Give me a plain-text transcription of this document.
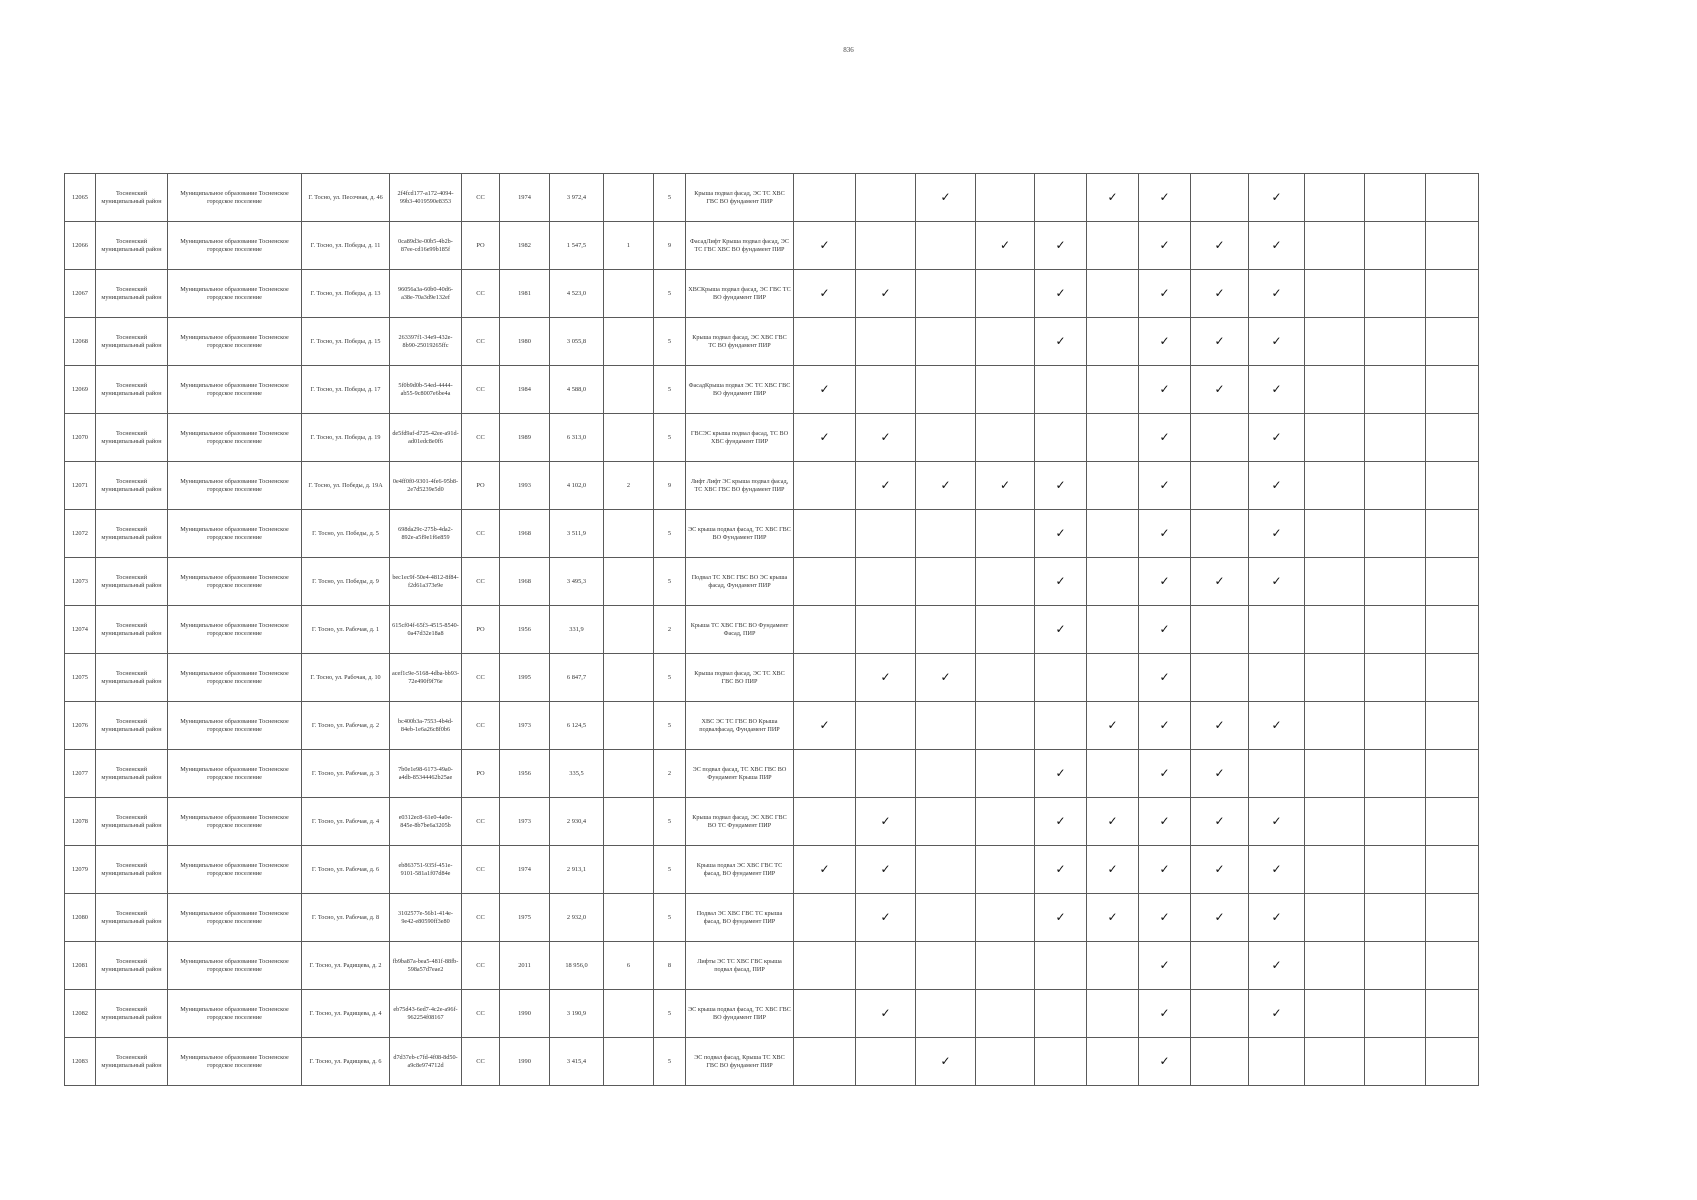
836
12065	Тосненский муниципальный район	Муниципальное образование Тосненское городское поселение	Г. Тосно, ул. Песочная, д. 46	2f4fcd177-a172-4094-99b3-4019590e8353	СС	1974	3 972,4		5	Крыша подвал фасад, ЭС ТС ХВС ГВС ВО фундамент ПИР			✓			✓	✓		✓			
12066	Тосненский муниципальный район	Муниципальное образование Тосненское городское поселение	Г. Тосно, ул. Победы, д. 11	0ca89d3e-00b5-4b2b-87ee-cd16e99b185f	РО	1982	1 547,5	1	9	ФасадЛифт Крыша подвал фасад, ЭС ТС ГВС ХВС ВО фундамент ПИР	✓			✓	✓		✓	✓	✓			
12067	Тосненский муниципальный район	Муниципальное образование Тосненское городское поселение	Г. Тосно, ул. Победы, д. 13	96056a3a-60b0-40d6-a38e-70a3d9e132ef	СС	1981	4 523,0		5	ХВСКрыша подвал фасад, ЭС ГВС ТС ВО фундамент ПИР	✓	✓			✓		✓	✓	✓			
12068	Тосненский муниципальный район	Муниципальное образование Тосненское городское поселение	Г. Тосно, ул. Победы, д. 15	263397f1-34e9-432e-8b90-25019265ffc	СС	1980	3 055,8		5	Крыша подвал фасад, ЭС ХВС ГВС ТС ВО фундамент ПИР					✓		✓	✓	✓			
12069	Тосненский муниципальный район	Муниципальное образование Тосненское городское поселение	Г. Тосно, ул. Победы, д. 17	5f0b9d0b-54ed-4444-ab55-9c8007e6be4a	СС	1984	4 588,0		5	ФасадКрыша подвал ЭС ТС ХВС ГВС ВО фундамент ПИР	✓						✓	✓	✓			
12070	Тосненский муниципальный район	Муниципальное образование Тосненское городское поселение	Г. Тосно, ул. Победы, д. 19	de5fd9af-d725-42ee-a91d-ad01edc8e0f6	СС	1989	6 313,0		5	ГВСЭС крыша подвал фасад, ТС ВО ХВС фундамент ПИР	✓	✓					✓		✓			
12071	Тосненский муниципальный район	Муниципальное образование Тосненское городское поселение	Г. Тосно, ул. Победы, д. 19А	0e4ff0f0-9301-4fe6-95b8-2e7d5239e5d0	РО	1993	4 102,0	2	9	Лифт Лифт ЭС крыша подвал фасад, ТС ХВС ГВС ВО фундамент ПИР		✓	✓	✓	✓		✓		✓			
12072	Тосненский муниципальный район	Муниципальное образование Тосненское городское поселение	Г. Тосно, ул. Победы, д. 5	698da29c-275b-4da2-892e-a5f9e1f6e859	СС	1968	3 511,9		5	ЭС крыша подвал фасад, ТС ХВС ГВС ВО Фундамент ПИР					✓		✓		✓			
12073	Тосненский муниципальный район	Муниципальное образование Тосненское городское поселение	Г. Тосно, ул. Победы, д. 9	bec1ec9f-50e4-4812-8f84-f2d61a373e9e	СС	1968	3 495,3		5	Подвал ТС ХВС ГВС ВО ЭС крыша фасад, Фундамент ПИР					✓		✓	✓	✓			
12074	Тосненский муниципальный район	Муниципальное образование Тосненское городское поселение	Г. Тосно, ул. Рабочая, д. 1	615cf04f-65f3-4515-8540-0a47d32e18a8	РО	1956	331,9		2	Крыша ТС ХВС ГВС ВО Фундамент Фасад, ПИР					✓		✓					
12075	Тосненский муниципальный район	Муниципальное образование Тосненское городское поселение	Г. Тосно, ул. Рабочая, д. 10	acef1c9e-5168-4dba-bb93-72e490f9f76e	СС	1995	6 847,7		5	Крыша подвал фасад, ЭС ТС ХВС ГВС ВО ПИР		✓	✓				✓					
12076	Тосненский муниципальный район	Муниципальное образование Тосненское городское поселение	Г. Тосно, ул. Рабочая, д. 2	bc400b3a-7553-4b4d-84eb-1e6a26c8f0b6	СС	1973	6 124,5		5	ХВС ЭС ТС ГВС ВО Крыша подвалфасад, Фундамент ПИР	✓					✓	✓	✓	✓			
12077	Тосненский муниципальный район	Муниципальное образование Тосненское городское поселение	Г. Тосно, ул. Рабочая, д. 3	7b0e1e98-6173-49a0-a4db-85344462b25ae	РО	1956	335,5		2	ЭС подвал фасад, ТС ХВС ГВС ВО Фундамент Крыша ПИР					✓		✓	✓				
12078	Тосненский муниципальный район	Муниципальное образование Тосненское городское поселение	Г. Тосно, ул. Рабочая, д. 4	e0312ec8-61e0-4a0e-845e-8b7be6a3205b	СС	1973	2 930,4		5	Крыша подвал фасад, ЭС ХВС ГВС ВО ТС Фундамент ПИР		✓			✓	✓	✓	✓	✓			
12079	Тосненский муниципальный район	Муниципальное образование Тосненское городское поселение	Г. Тосно, ул. Рабочая, д. 6	eb863751-935f-451e-9101-581a1f07d84e	СС	1974	2 913,1		5	Крыша подвал ЭС ХВС ГВС ТС фасад, ВО фундамент ПИР	✓	✓			✓	✓	✓	✓	✓			
12080	Тосненский муниципальный район	Муниципальное образование Тосненское городское поселение	Г. Тосно, ул. Рабочая, д. 8	3102577e-56b1-414e-9e42-e80590ff3e80	СС	1975	2 932,0		5	Подвал ЭС ХВС ГВС ТС крыша фасад, ВО фундамент ПИР		✓			✓	✓	✓	✓	✓			
12081	Тосненский муниципальный район	Муниципальное образование Тосненское городское поселение	Г. Тосно, ул. Радищева, д. 2	fb9ba87a-bea5-481f-88fb-598a57d7eae2	СС	2011	18 956,0	6	8	Лифты ЭС ТС ХВС ГВС крыша подвал фасад, ПИР							✓		✓			
12082	Тосненский муниципальный район	Муниципальное образование Тосненское городское поселение	Г. Тосно, ул. Радищева, д. 4	eb75d43-6ed7-4c2e-a96f-962254f08167	СС	1990	3 190,9		5	ЭС крыша подвал фасад, ТС ХВС ГВС ВО фундамент ПИР		✓					✓		✓			
12083	Тосненский муниципальный район	Муниципальное образование Тосненское городское поселение	Г. Тосно, ул. Радищева, д. 6	d7d37eb-c7fd-4f08-8d50-a9c8e974712d	СС	1990	3 415,4		5	ЭС подвал фасад, Крыша ТС ХВС ГВС ВО фундамент ПИР			✓				✓					
